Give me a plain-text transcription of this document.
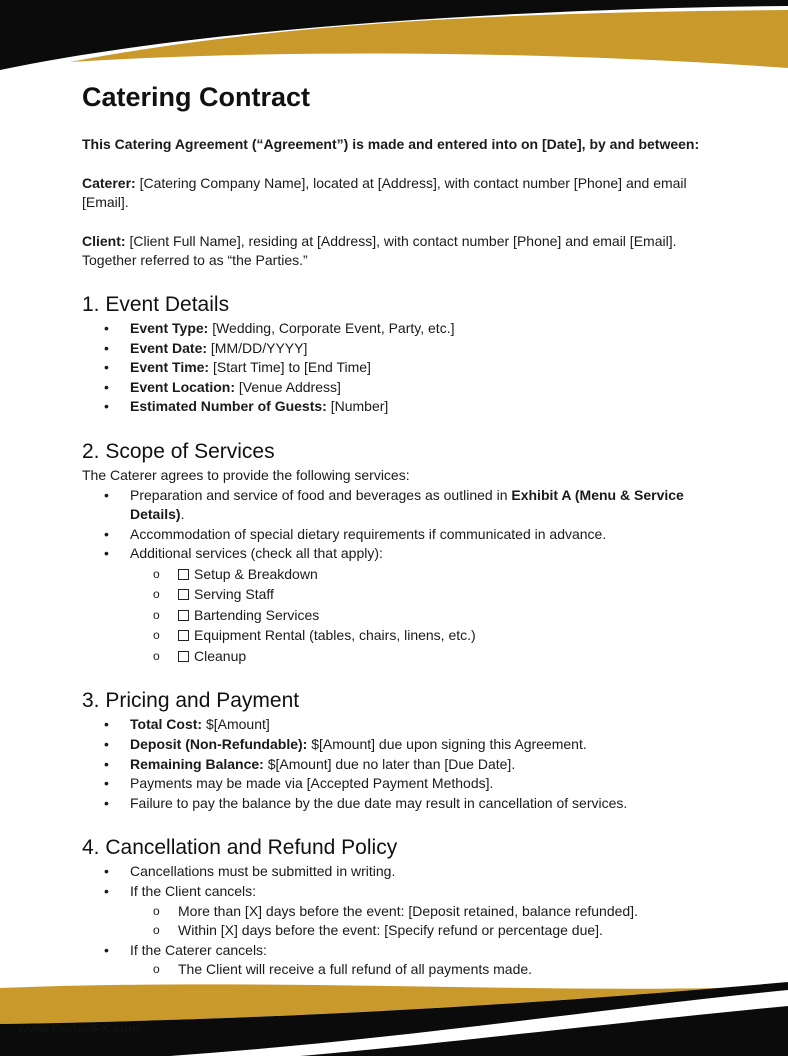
Catering Contract

This Catering Agreement (“Agreement”) is made and entered into on [Date], by and between:

Caterer: [Catering Company Name], located at [Address], with contact number [Phone] and email [Email].

Client: [Client Full Name], residing at [Address], with contact number [Phone] and email [Email]. Together referred to as “the Parties.”

1. Event Details
• Event Type: [Wedding, Corporate Event, Party, etc.]
• Event Date: [MM/DD/YYYY]
• Event Time: [Start Time] to [End Time]
• Event Location: [Venue Address]
• Estimated Number of Guests: [Number]
2. Scope of Services

The Caterer agrees to provide the following services:

• Preparation and service of food and beverages as outlined in Exhibit A (Menu & Service Details).
• Accommodation of special dietary requirements if communicated in advance.
• Additional services (check all that apply):
o Setup & Breakdown
o Serving Staff
o Bartending Services
o Equipment Rental (tables, chairs, linens, etc.)
o Cleanup
3. Pricing and Payment
• Total Cost: $[Amount]
• Deposit (Non-Refundable): $[Amount] due upon signing this Agreement.
• Remaining Balance: $[Amount] due no later than [Due Date].
• Payments may be made via [Accepted Payment Methods].
• Failure to pay the balance by the due date may result in cancellation of services.
4. Cancellation and Refund Policy
• Cancellations must be submitted in writing.
• If the Client cancels:
o More than [X] days before the event: [Deposit retained, balance refunded].
o Within [X] days before the event: [Specify refund or percentage due].
• If the Caterer cancels:
o The Client will receive a full refund of all payments made.
www.CodonFX.com
